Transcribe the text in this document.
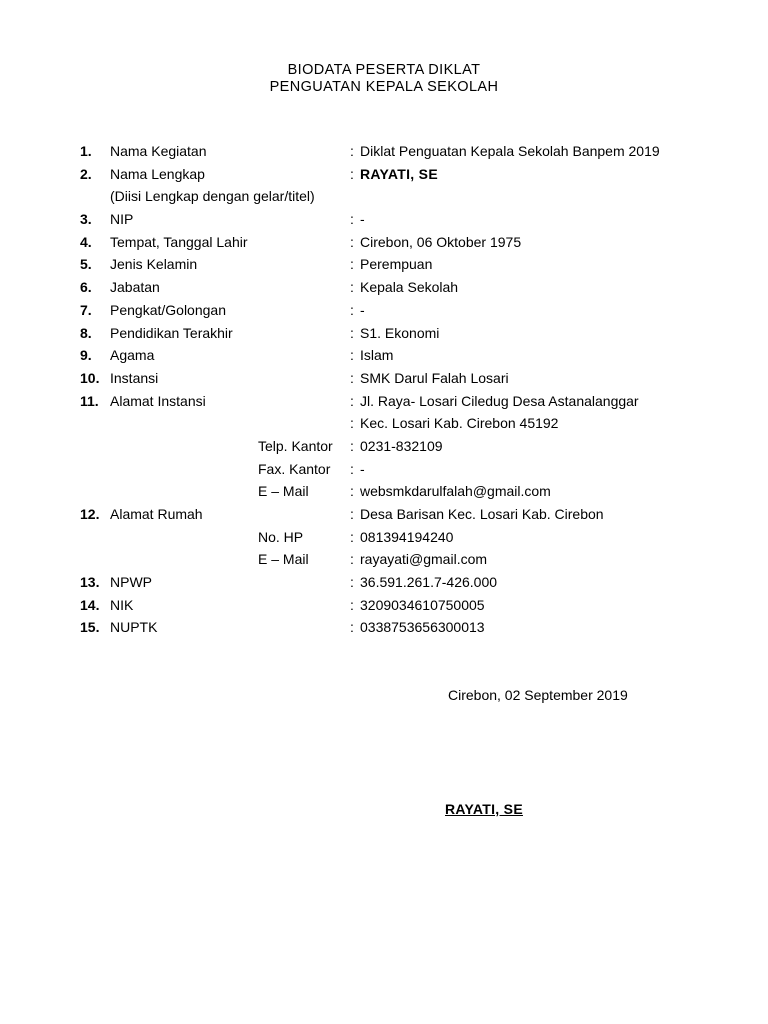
BIODATA PESERTA DIKLAT
PENGUATAN KEPALA SEKOLAH
1. Nama Kegiatan	: Diklat Penguatan Kepala Sekolah Banpem 2019
2. Nama Lengkap	: RAYATI, SE
(Diisi Lengkap dengan gelar/titel)
3. NIP	: -
4. Tempat, Tanggal Lahir	: Cirebon, 06 Oktober 1975
5. Jenis Kelamin	: Perempuan
6. Jabatan	: Kepala Sekolah
7. Pengkat/Golongan	: -
8. Pendidikan Terakhir	: S1. Ekonomi
9. Agama	: Islam
10. Instansi	: SMK Darul Falah Losari
11. Alamat Instansi	: Jl. Raya- Losari Ciledug Desa Astanalanggar
: Kec. Losari Kab. Cirebon 45192
Telp. Kantor : 0231-832109
Fax. Kantor : -
E – Mail	: websmkdarulfalah@gmail.com
12. Alamat Rumah	: Desa Barisan Kec. Losari Kab. Cirebon
No. HP	: 081394194240
E – Mail	: rayayati@gmail.com
13. NPWP	: 36.591.261.7-426.000
14. NIK	: 3209034610750005
15. NUPTK	: 0338753656300013
Cirebon, 02 September 2019
RAYATI, SE
